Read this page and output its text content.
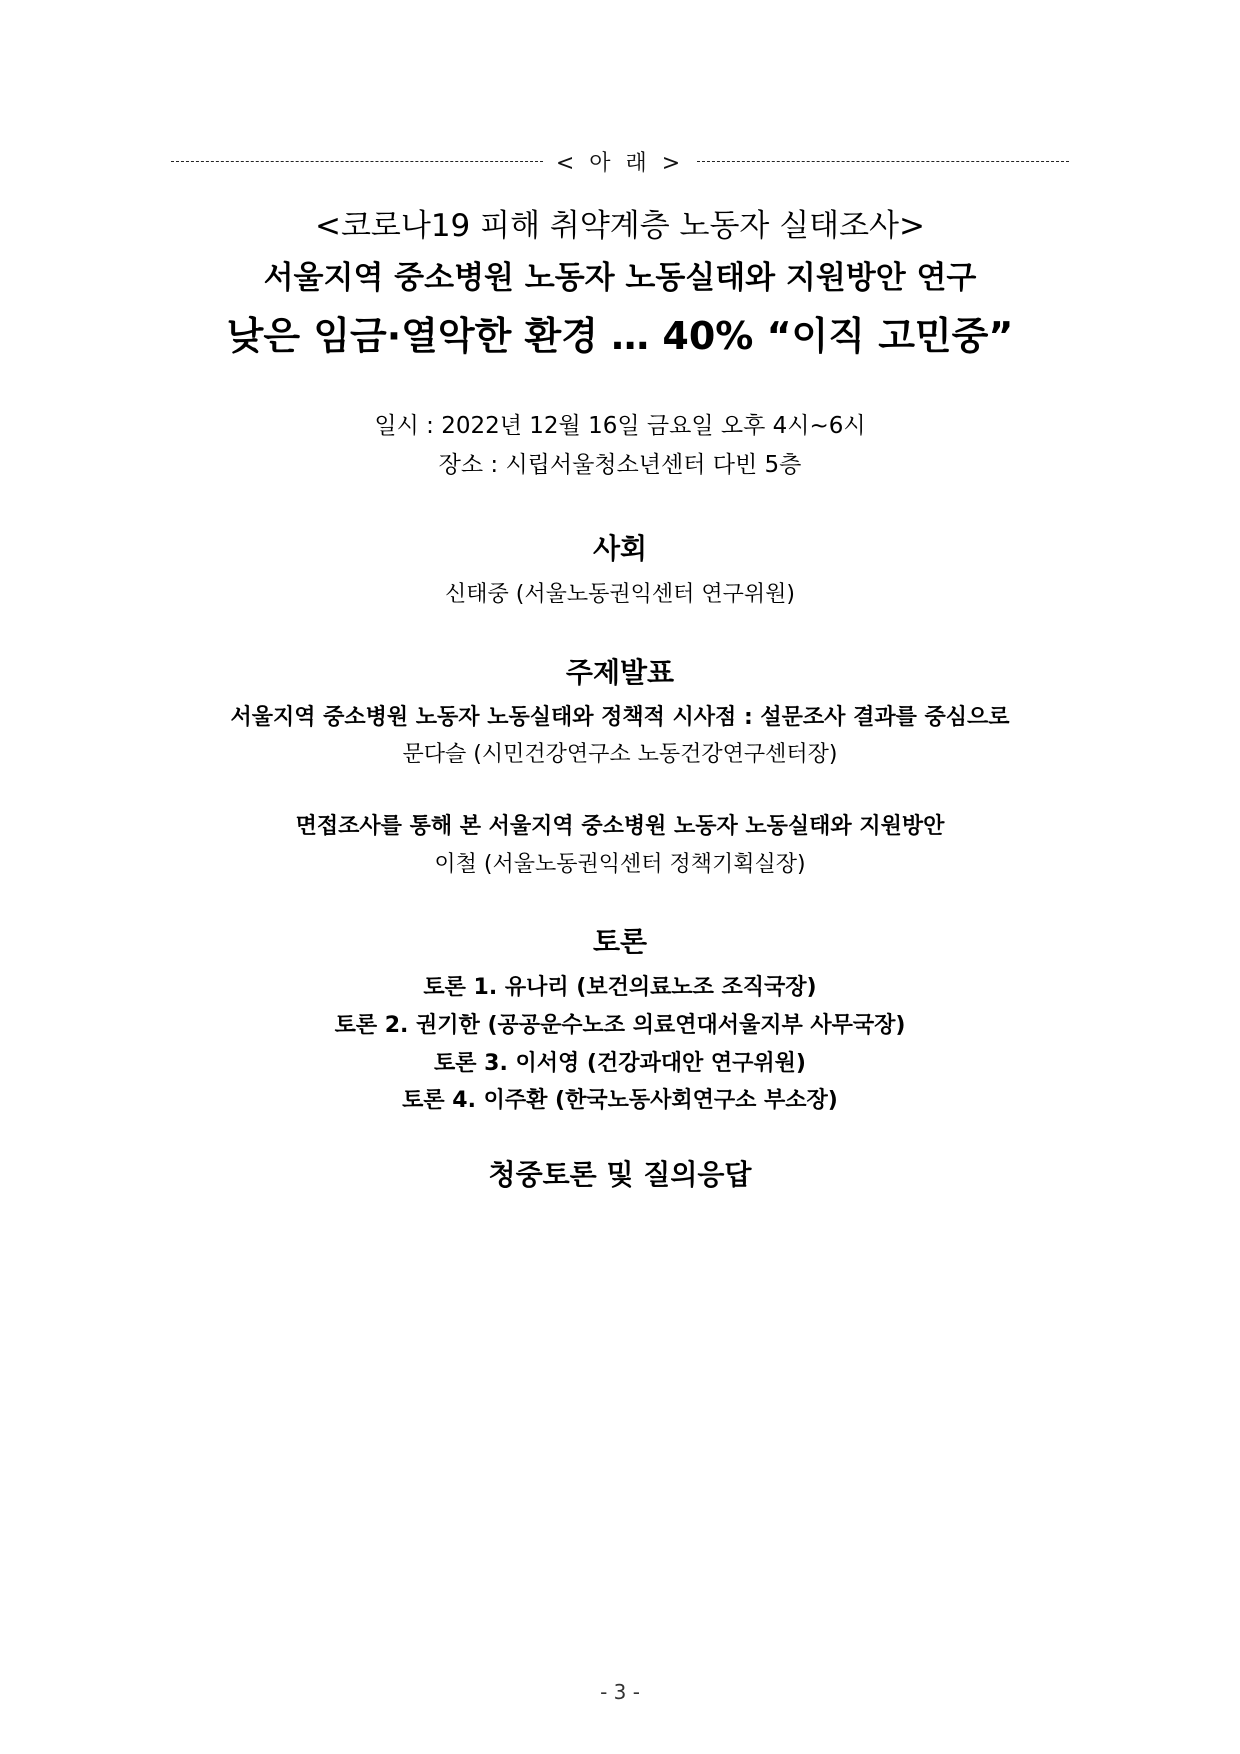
< 아 래 >
<코로나19 피해 취약계층 노동자 실태조사>
서울지역 중소병원 노동자 노동실태와 지원방안 연구
낮은 임금·열악한 환경 … 40% “이직 고민중”
일시 : 2022년 12월 16일 금요일 오후 4시~6시
장소 : 시립서울청소년센터 다빈 5층
사회
신태중 (서울노동권익센터 연구위원)
주제발표
서울지역 중소병원 노동자 노동실태와 정책적 시사점 : 설문조사 결과를 중심으로
문다슬 (시민건강연구소 노동건강연구센터장)
면접조사를 통해 본 서울지역 중소병원 노동자 노동실태와 지원방안
이철 (서울노동권익센터 정책기획실장)
토론
토론 1. 유나리 (보건의료노조 조직국장)
토론 2. 권기한 (공공운수노조 의료연대서울지부 사무국장)
토론 3. 이서영 (건강과대안 연구위원)
토론 4. 이주환 (한국노동사회연구소 부소장)
청중토론 및 질의응답
- 3 -
